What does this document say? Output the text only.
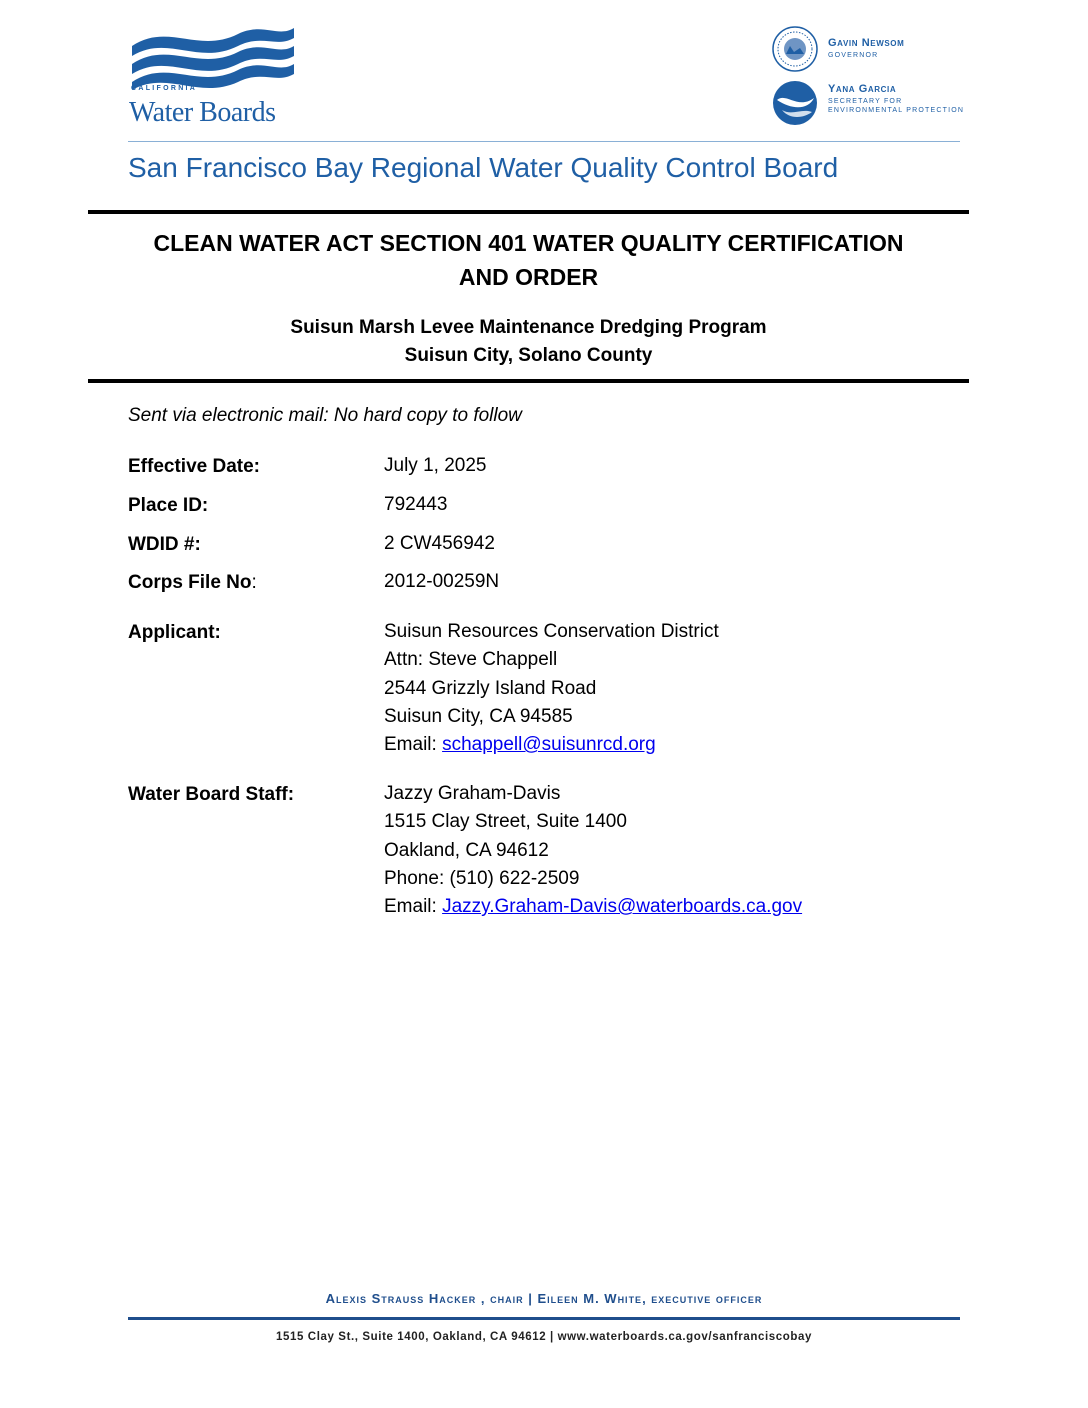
CALIFORNIA
Water Boards
Gavin Newsom
GOVERNOR
Yana Garcia
SECRETARY FOR
ENVIRONMENTAL PROTECTION
San Francisco Bay Regional Water Quality Control Board
CLEAN WATER ACT SECTION 401 WATER QUALITY CERTIFICATION
AND ORDER
Suisun Marsh Levee Maintenance Dredging Program
Suisun City, Solano County
Sent via electronic mail: No hard copy to follow
Effective Date:	July 1, 2025
Place ID:	792443
WDID #:	2 CW456942
Corps File No:	2012-00259N
Applicant:	Suisun Resources Conservation District
Attn: Steve Chappell
2544 Grizzly Island Road
Suisun City, CA 94585
Email: schappell@suisunrcd.org
Water Board Staff:	Jazzy Graham-Davis
1515 Clay Street, Suite 1400
Oakland, CA 94612
Phone: (510) 622-2509
Email: Jazzy.Graham-Davis@waterboards.ca.gov
Alexis Strauss Hacker , chair | Eileen M. White, executive officer
1515 Clay St., Suite 1400, Oakland, CA 94612 | www.waterboards.ca.gov/sanfranciscobay
